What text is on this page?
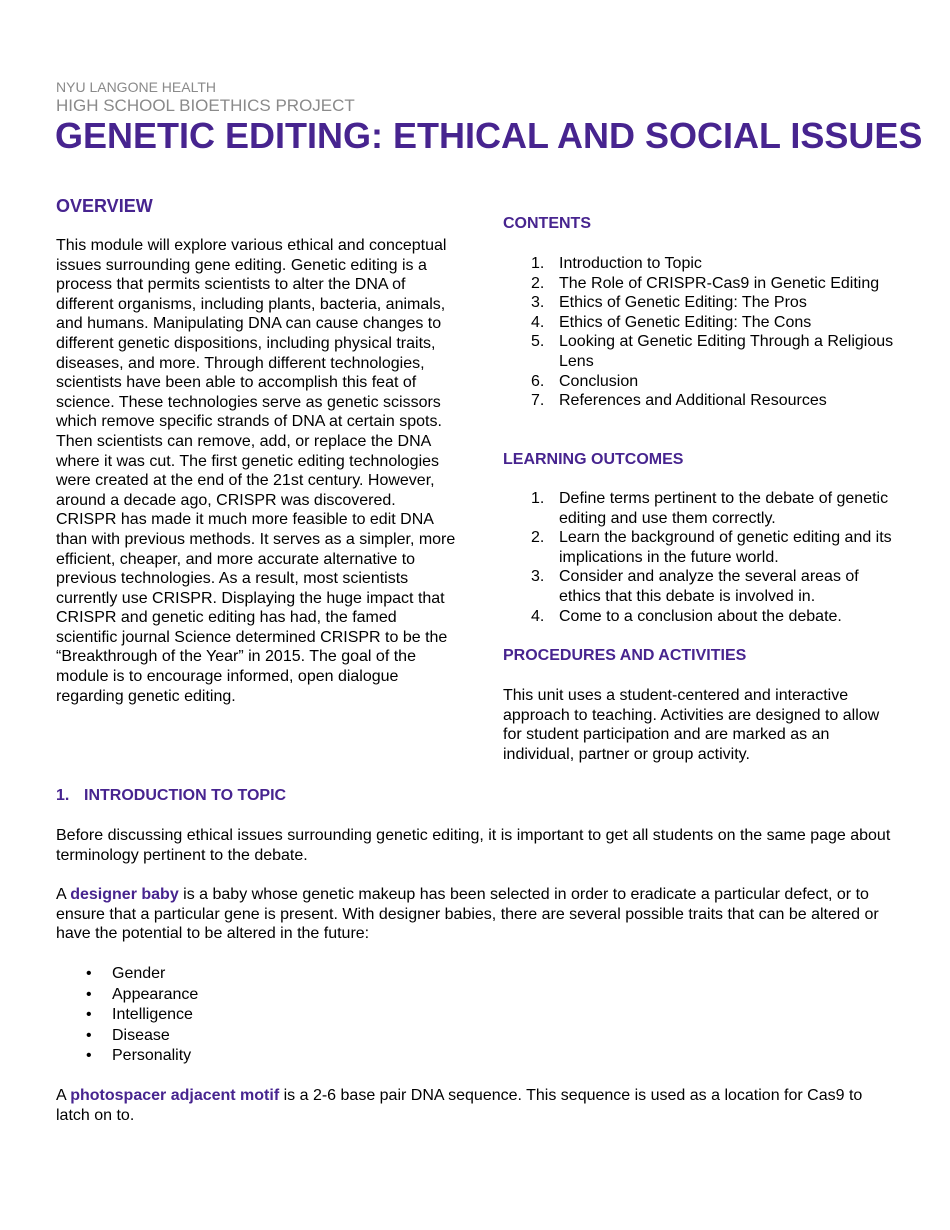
NYU LANGONE HEALTH
HIGH SCHOOL BIOETHICS PROJECT
GENETIC EDITING: ETHICAL AND SOCIAL ISSUES
OVERVIEW

This module will explore various ethical and conceptual issues surrounding gene editing. Genetic editing is a process that permits scientists to alter the DNA of different organisms, including plants, bacteria, animals, and humans. Manipulating DNA can cause changes to different genetic dispositions, including physical traits, diseases, and more. Through different technologies, scientists have been able to accomplish this feat of science. These technologies serve as genetic scissors which remove specific strands of DNA at certain spots. Then scientists can remove, add, or replace the DNA where it was cut. The first genetic editing technologies were created at the end of the 21st century. However, around a decade ago, CRISPR was discovered. CRISPR has made it much more feasible to edit DNA than with previous methods. It serves as a simpler, more efficient, cheaper, and more accurate alternative to previous technologies. As a result, most scientists currently use CRISPR. Displaying the huge impact that CRISPR and genetic editing has had, the famed scientific journal Science determined CRISPR to be the “Breakthrough of the Year” in 2015. The goal of the module is to encourage informed, open dialogue regarding genetic editing.

CONTENTS
1. Introduction to Topic
2. The Role of CRISPR-Cas9 in Genetic Editing
3. Ethics of Genetic Editing: The Pros
4. Ethics of Genetic Editing: The Cons
5. Looking at Genetic Editing Through a Religious Lens
6. Conclusion
7. References and Additional Resources
LEARNING OUTCOMES
1. Define terms pertinent to the debate of genetic editing and use them correctly.
2. Learn the background of genetic editing and its implications in the future world.
3. Consider and analyze the several areas of ethics that this debate is involved in.
4. Come to a conclusion about the debate.
PROCEDURES AND ACTIVITIES

This unit uses a student-centered and interactive approach to teaching. Activities are designed to allow for student participation and are marked as an individual, partner or group activity.

1. INTRODUCTION TO TOPIC

Before discussing ethical issues surrounding genetic editing, it is important to get all students on the same page about terminology pertinent to the debate.

A designer baby is a baby whose genetic makeup has been selected in order to eradicate a particular defect, or to ensure that a particular gene is present. With designer babies, there are several possible traits that can be altered or have the potential to be altered in the future:

• Gender
• Appearance
• Intelligence
• Disease
• Personality

A photospacer adjacent motif is a 2-6 base pair DNA sequence. This sequence is used as a location for Cas9 to latch on to.
